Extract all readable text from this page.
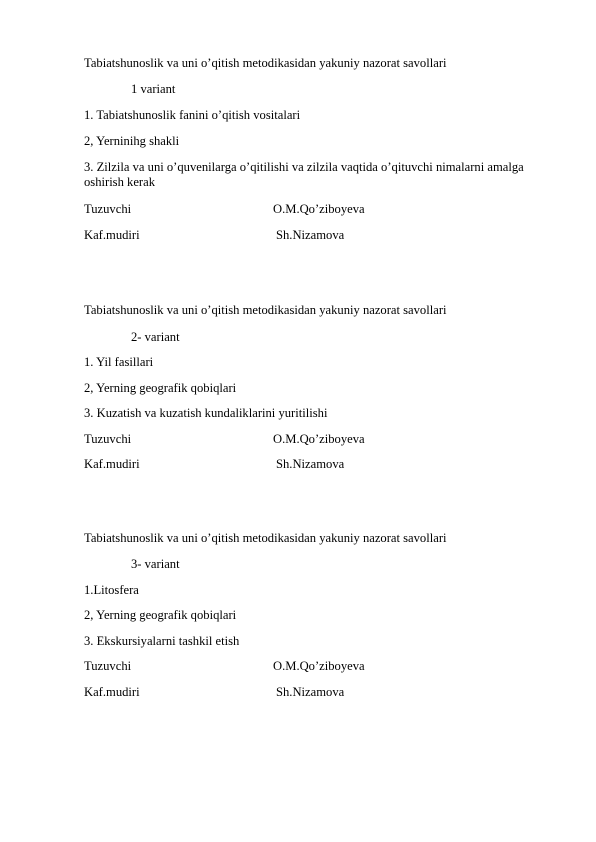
Tabiatshunoslik va uni o’qitish metodikasidan yakuniy nazorat savollari
1 variant
1. Tabiatshunoslik fanini o’qitish vositalari
2, Yerninihg shakli
3. Zilzila va uni o’quvenilarga o’qitilishi va zilzila vaqtida o’qituvchi nimalarni amalga oshirish kerak
Tuzuvchi	O.M.Qo’ziboyeva
Kaf.mudiri	Sh.Nizamova
Tabiatshunoslik va uni o’qitish metodikasidan yakuniy nazorat savollari
2- variant
1. Yil fasillari
2, Yerning geografik qobiqlari
3. Kuzatish va kuzatish kundaliklarini yuritilishi
Tuzuvchi	O.M.Qo’ziboyeva
Kaf.mudiri	Sh.Nizamova
Tabiatshunoslik va uni o’qitish metodikasidan yakuniy nazorat savollari
3- variant
1.Litosfera
2, Yerning geografik qobiqlari
3. Ekskursiyalarni tashkil etish
Tuzuvchi	O.M.Qo’ziboyeva
Kaf.mudiri	Sh.Nizamova
